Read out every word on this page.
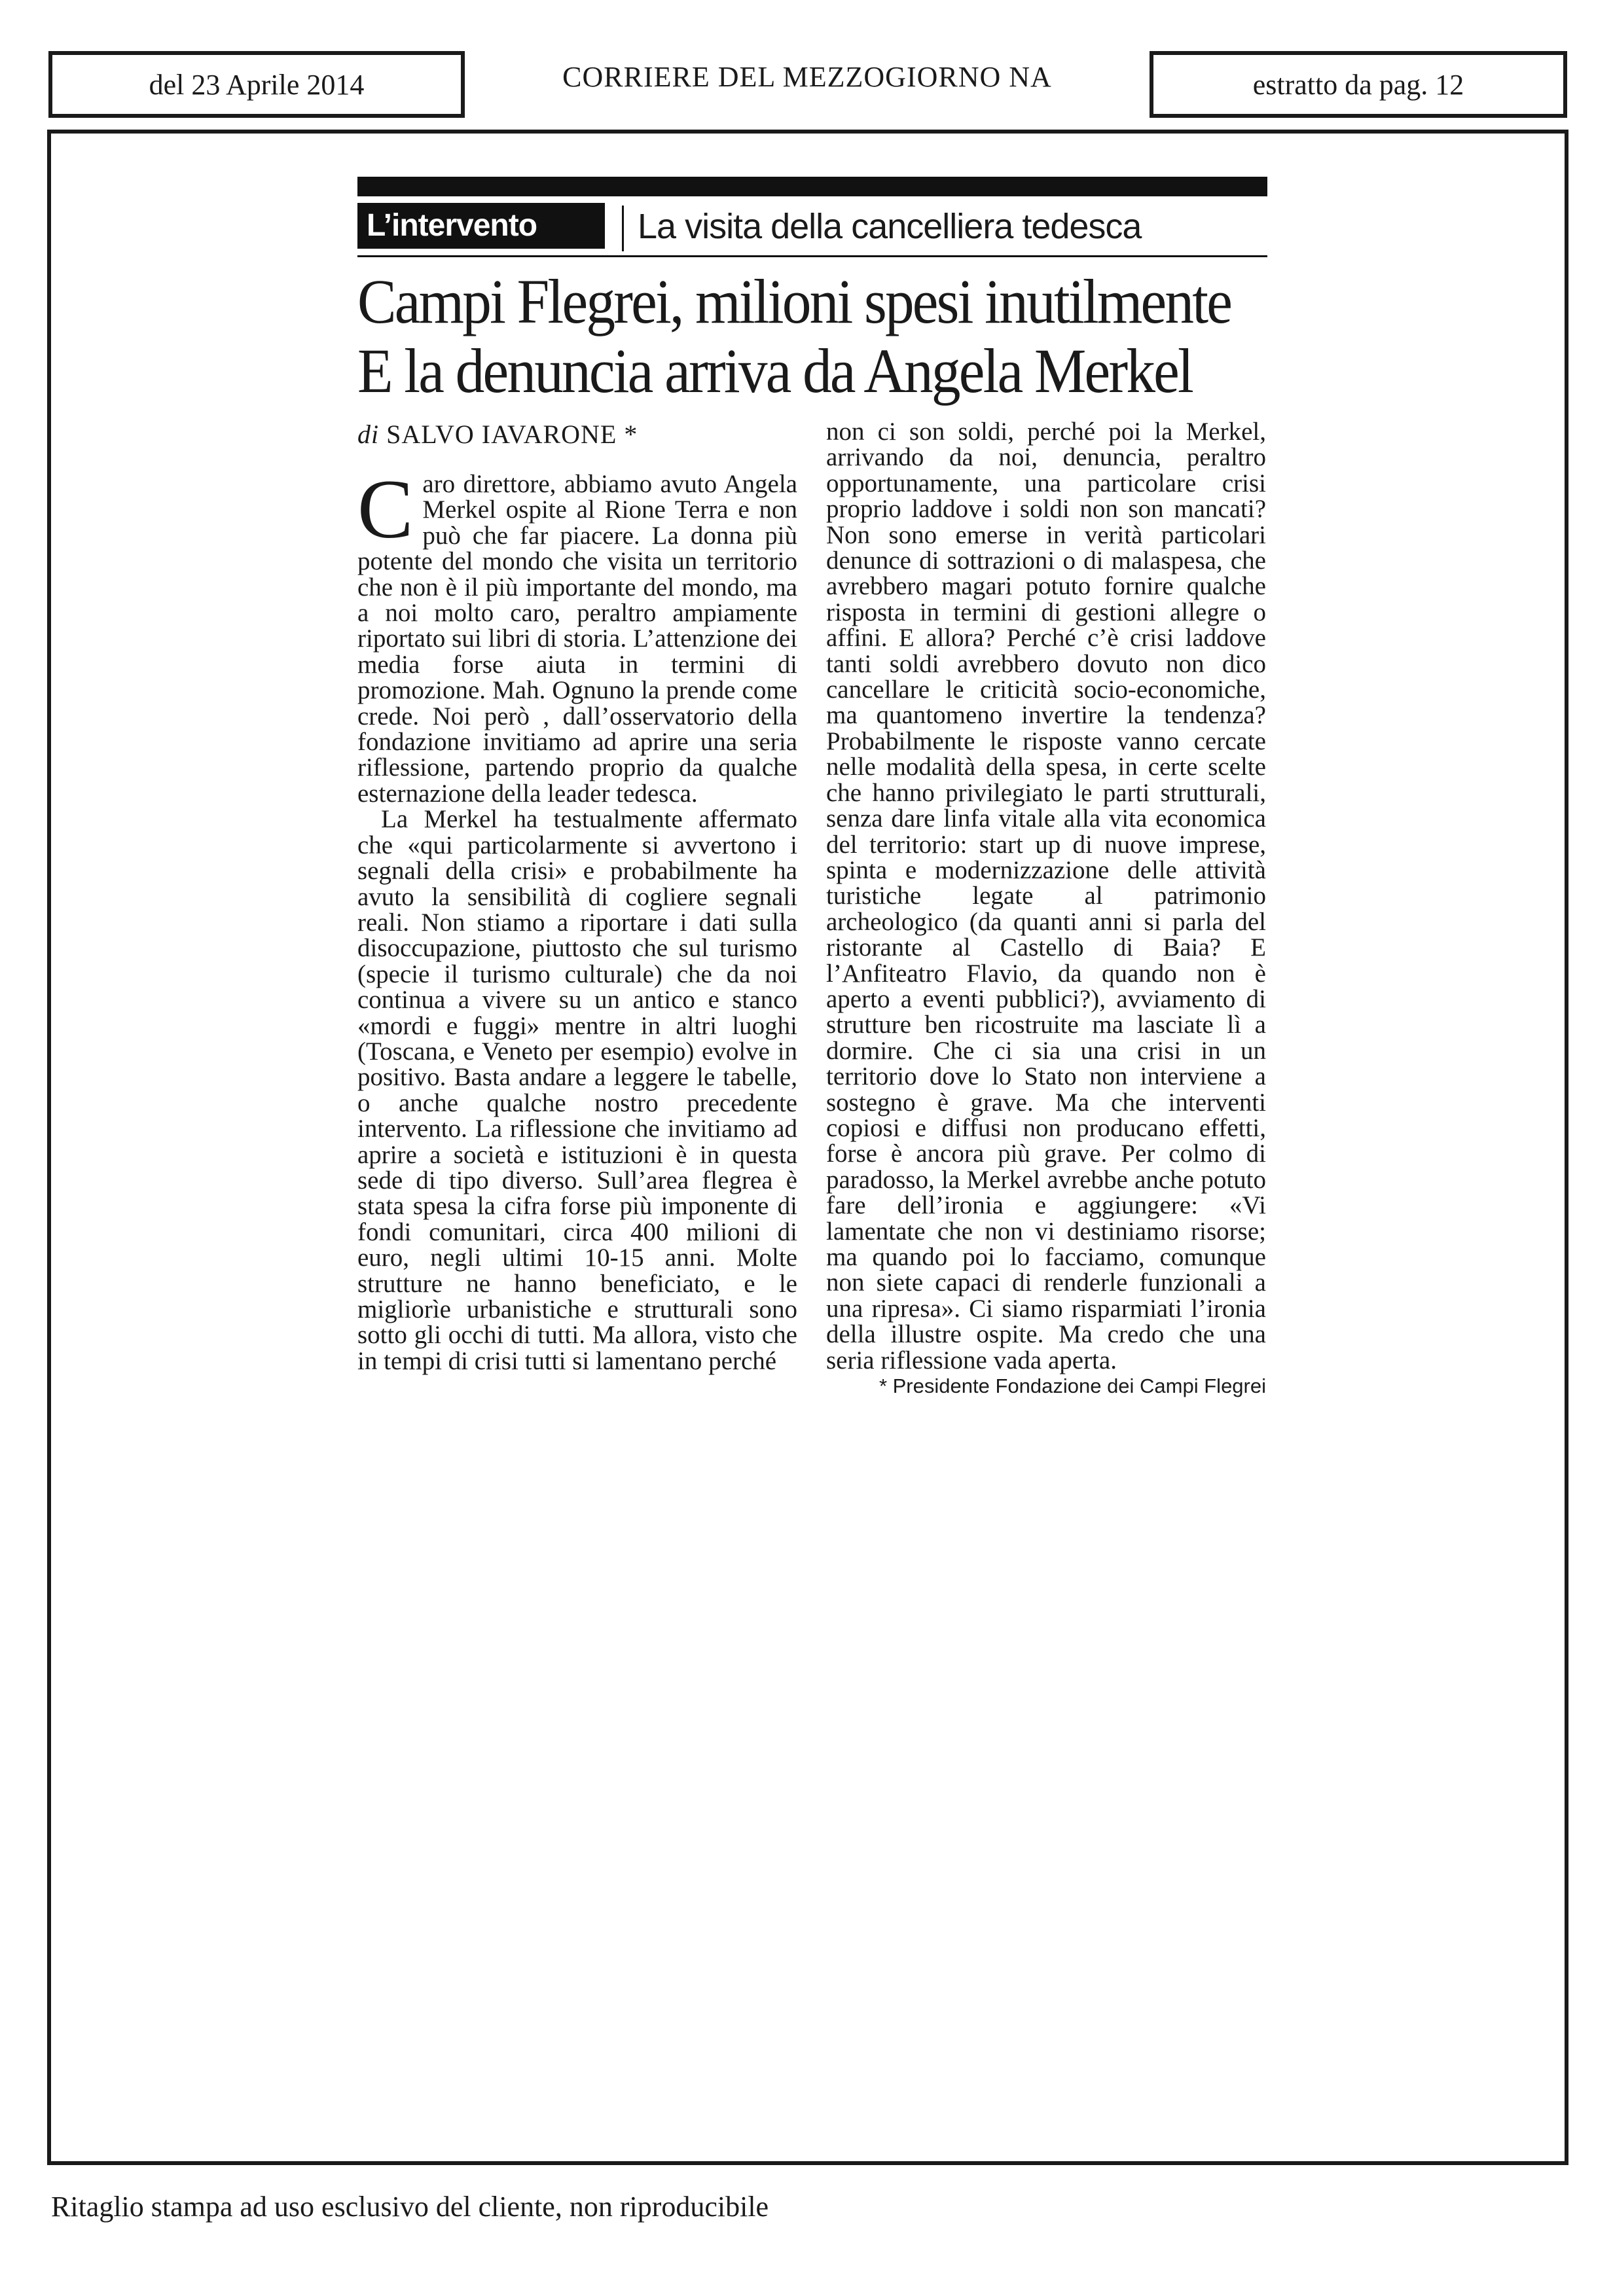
del 23 Aprile 2014	CORRIERE DEL MEZZOGIORNO NA	estratto da pag. 12
L’intervento	La visita della cancelliera tedesca
Campi Flegrei, milioni spesi inutilmente
E la denuncia arriva da Angela Merkel
di SALVO IAVARONE *

Caro direttore, abbiamo avuto Angela Merkel ospite al Rione Terra e non può che far piacere. La donna più potente del mondo che visita un territorio che non è il più importante del mondo, ma a noi molto caro, peraltro ampiamente riportato sui libri di storia. L’attenzione dei media forse aiuta in termini di promozione. Mah. Ognuno la prende come crede. Noi però , dall’osservatorio della fondazione invitiamo ad aprire una seria riflessione, partendo proprio da qualche esternazione della leader tedesca.

La Merkel ha testualmente affermato che «qui particolarmente si avvertono i segnali della crisi» e probabilmente ha avuto la sensibilità di cogliere segnali reali. Non stiamo a riportare i dati sulla disoccupazione, piuttosto che sul turismo (specie il turismo culturale) che da noi continua a vivere su un antico e stanco «mordi e fuggi» mentre in altri luoghi (Toscana, e Veneto per esempio) evolve in positivo. Basta andare a leggere le tabelle, o anche qualche nostro precedente intervento. La riflessione che invitiamo ad aprire a società e istituzioni è in questa sede di tipo diverso. Sull’area flegrea è stata spesa la cifra forse più imponente di fondi comunitari, circa 400 milioni di euro, negli ultimi 10-15 anni. Molte strutture ne hanno beneficiato, e le migliorìe urbanistiche e strutturali sono sotto gli occhi di tutti. Ma allora, visto che in tempi di crisi tutti si lamentano perché

non ci son soldi, perché poi la Merkel, arrivando da noi, denuncia, peraltro opportunamente, una particolare crisi proprio laddove i soldi non son mancati? Non sono emerse in verità particolari denunce di sottrazioni o di malaspesa, che avrebbero magari potuto fornire qualche risposta in termini di gestioni allegre o affini. E allora? Perché c’è crisi laddove tanti soldi avrebbero dovuto non dico cancellare le criticità socio-economiche, ma quantomeno invertire la tendenza? Probabilmente le risposte vanno cercate nelle modalità della spesa, in certe scelte che hanno privilegiato le parti strutturali, senza dare linfa vitale alla vita economica del territorio: start up di nuove imprese, spinta e modernizzazione delle attività turistiche legate al patrimonio archeologico (da quanti anni si parla del ristorante al Castello di Baia? E l’Anfiteatro Flavio, da quando non è aperto a eventi pubblici?), avviamento di strutture ben ricostruite ma lasciate lì a dormire. Che ci sia una crisi in un territorio dove lo Stato non interviene a sostegno è grave. Ma che interventi copiosi e diffusi non producano effetti, forse è ancora più grave. Per colmo di paradosso, la Merkel avrebbe anche potuto fare dell’ironia e aggiungere: «Vi lamentate che non vi destiniamo risorse; ma quando poi lo facciamo, comunque non siete capaci di renderle funzionali a una ripresa». Ci siamo risparmiati l’ironia della illustre ospite. Ma credo che una seria riflessione vada aperta.

* Presidente Fondazione dei Campi Flegrei
Ritaglio stampa ad uso esclusivo del cliente, non riproducibile
